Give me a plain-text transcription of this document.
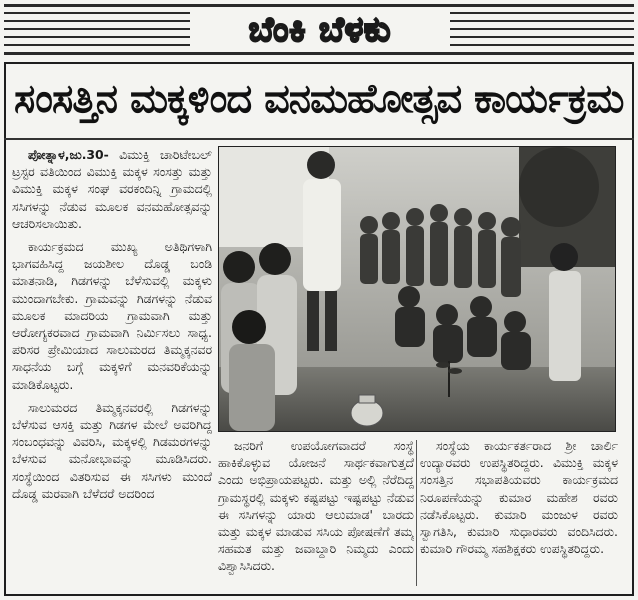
ಬೆಂಕಿ ಬೆಳಕು
ಸಂಸತ್ತಿನ ಮಕ್ಕಳಿಂದ ವನಮಹೋತ್ಸವ ಕಾರ್ಯಕ್ರಮ

ಪೋತ್ನಾಳ,ಜು.30- ವಿಮುಕ್ತಿ ಚಾರಿಟೇಬಲ್ ಟ್ರಸ್ಟರ ವತಿಯಿಂದ ವಿಮುಕ್ತಿ ಮಕ್ಕಳ ಸಂಸತ್ತು ಮತ್ತು ವಿಮುಕ್ತಿ ಮಕ್ಕಳ ಸಂಘ ವರಕಂದಿನ್ನಿ ಗ್ರಾಮದಲ್ಲಿ ಸಸಿಗಳನ್ನು ನೆಡುವ ಮೂಲಕ ವನಮಹೋತ್ಸವನ್ನು ಆಚರಿಸಲಾಯಿತು.

ಕಾರ್ಯಕ್ರಮದ ಮುಖ್ಯ ಅತಿಥಿಗಳಾಗಿ ಭಾಗವಹಿಸಿದ್ದ ಜಯಶೀಲ ದೊಡ್ಡ ಬಂಡಿ ಮಾತನಾಡಿ, ಗಿಡಗಳನ್ನು ಬೆಳೆಸುವಲ್ಲಿ ಮಕ್ಕಳು ಮುಂದಾಗಬೇಕು. ಗ್ರಾಮವನ್ನು ಗಿಡಗಳನ್ನು ನೆಡುವ ಮೂಲಕ ಮಾದರಿಯ ಗ್ರಾಮವಾಗಿ ಮತ್ತು ಆರೋಗ್ಯಕರವಾದ ಗ್ರಾಮವಾಗಿ ನಿರ್ಮಿಸಲು ಸಾಧ್ಯ. ಪರಿಸರ ಪ್ರೇಮಿಯಾದ ಸಾಲುಮರದ ತಿಮ್ಮಕ್ಕನವರ ಸಾಧನೆಯ ಬಗ್ಗೆ ಮಕ್ಕಳಿಗೆ ಮನವರಿಕೆಯನ್ನು ಮಾಡಿಕೊಟ್ಟರು.

ಸಾಲುಮರದ ತಿಮ್ಮಕ್ಕನವರಲ್ಲಿ ಗಿಡಗಳನ್ನು ಬೆಳೆಸುವ ಆಸಕ್ತಿ ಮತ್ತು ಗಿಡಗಳ ಮೇಲೆ ಅವರಿಗಿದ್ದ ಸಂಬಂಧವನ್ನು ವಿವರಿಸಿ, ಮಕ್ಕಳಲ್ಲಿ ಗಿಡಮರಗಳನ್ನು ಬೆಳಸುವ ಮನೋಭಾವನ್ನು ಮೂಡಿಸಿದರು. ಸಂಸ್ಥೆಯಿಂದ ವಿತರಿಸುವ ಈ ಸಸಿಗಳು ಮುಂದೆ ದೊಡ್ಡ ಮರವಾಗಿ ಬೆಳೆದರೆ ಅದರಿಂದ

ಜನರಿಗೆ ಉಪಯೋಗವಾದರೆ ಸಂಸ್ಥೆ ಹಾಕಿಕೊಳ್ಳುವ ಯೋಜನೆ ಸಾರ್ಥಕವಾಗುತ್ತದೆ ಎಂದು ಅಭಿಪ್ರಾಯಪಟ್ಟರು. ಮತ್ತು ಅಲ್ಲಿ ನೆರೆದಿದ್ದ ಗ್ರಾಮಸ್ಥರಲ್ಲಿ ಮಕ್ಕಳು ಕಷ್ಟಪಟ್ಟು ಇಷ್ಟಪಟ್ಟು ನೆಡುವ ಈ ಸಸಿಗಳನ್ನು ಯಾರು ಆಲುಮಾಡ' ಬಾರದು ಮತ್ತು ಮಕ್ಕಳ ಮಾಡುವ ಸಸಿಯ ಪೋಷಣೆಗೆ ತಮ್ಮ ಸಹಮತ ಮತ್ತು ಜವಾಬ್ದಾರಿ ನಿಮ್ಮದು ಎಂದು ವಿಶ್ವಾಸಿಸಿದರು.

ಸಂಸ್ಥೆಯ ಕಾರ್ಯಕರ್ತರಾದ ಶ್ರೀ ಚಾರ್ಲಿ ಉದ್ಯಾರವರು ಉಪಸ್ಥಿತರಿದ್ದರು. ವಿಮುಕ್ತಿ ಮಕ್ಕಳ ಸಂಸತ್ತಿನ ಸಭಾಪತಿಯವರು ಕಾರ್ಯಕ್ರಮದ ನಿರೂಪಣೆಯನ್ನು ಕುಮಾರ ಮಹೇಶ ರವರು ನಡೆಸಿಕೊಟ್ಟರು. ಕುಮಾರಿ ಮಂಜುಳ ರವರು ಸ್ವಾಗತಿಸಿ, ಕುಮಾರಿ ಸುಧಾರವರು ವಂದಿಸಿದರು. ಕುಮಾರಿ ಗೌರಮ್ಮ ಸಹಶಿಕ್ಷಕರು ಉಪಸ್ಥಿತರಿದ್ದರು.
